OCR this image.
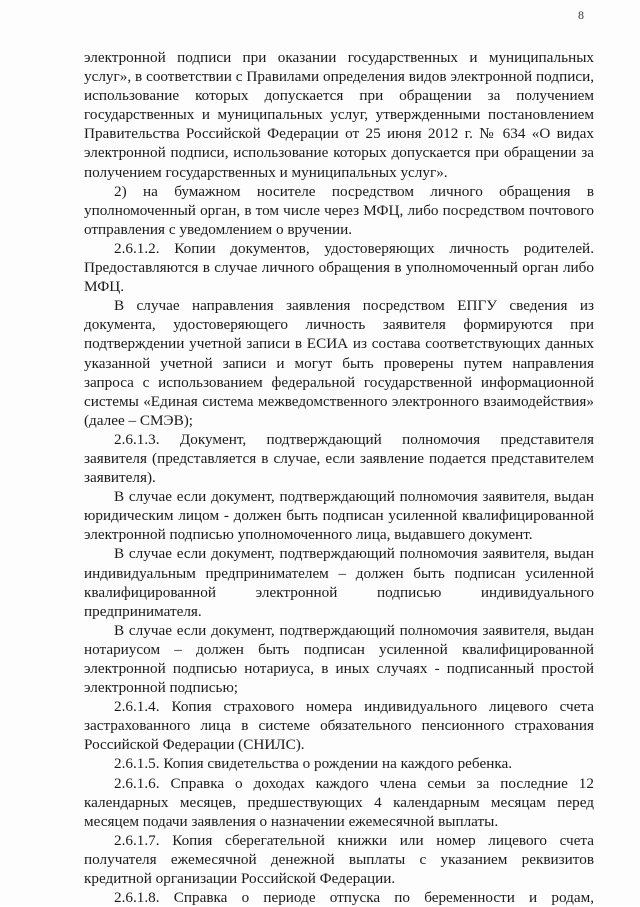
8

электронной подписи при оказании государственных и муниципальных услуг», в соответствии с Правилами определения видов электронной подписи, использование которых допускается при обращении за получением государственных и муниципальных услуг, утвержденными постановлением Правительства Российской Федерации от 25 июня 2012 г. № 634 «О видах электронной подписи, использование которых допускается при обращении за получением государственных и муниципальных услуг».

2) на бумажном носителе посредством личного обращения в уполномоченный орган, в том числе через МФЦ, либо посредством почтового отправления с уведомлением о вручении.

2.6.1.2. Копии документов, удостоверяющих личность родителей. Предоставляются в случае личного обращения в уполномоченный орган либо МФЦ.

В случае направления заявления посредством ЕПГУ сведения из документа, удостоверяющего личность заявителя формируются при подтверждении учетной записи в ЕСИА из состава соответствующих данных указанной учетной записи и могут быть проверены путем направления запроса с использованием федеральной государственной информационной системы «Единая система межведомственного электронного взаимодействия» (далее – СМЭВ);

2.6.1.3. Документ, подтверждающий полномочия представителя заявителя (представляется в случае, если заявление подается представителем заявителя).

В случае если документ, подтверждающий полномочия заявителя, выдан юридическим лицом - должен быть подписан усиленной квалифицированной электронной подписью уполномоченного лица, выдавшего документ.

В случае если документ, подтверждающий полномочия заявителя, выдан индивидуальным предпринимателем – должен быть подписан усиленной квалифицированной электронной подписью индивидуального предпринимателя.

В случае если документ, подтверждающий полномочия заявителя, выдан нотариусом – должен быть подписан усиленной квалифицированной электронной подписью нотариуса, в иных случаях - подписанный простой электронной подписью;

2.6.1.4. Копия страхового номера индивидуального лицевого счета застрахованного лица в системе обязательного пенсионного страхования Российской Федерации (СНИЛС).

2.6.1.5. Копия свидетельства о рождении на каждого ребенка.

2.6.1.6. Справка о доходах каждого члена семьи за последние 12 календарных месяцев, предшествующих 4 календарным месяцам перед месяцем подачи заявления о назначении ежемесячной выплаты.

2.6.1.7. Копия сберегательной книжки или номер лицевого счета получателя ежемесячной денежной выплаты с указанием реквизитов кредитной организации Российской Федерации.

2.6.1.8. Справка о периоде отпуска по беременности и родам,
